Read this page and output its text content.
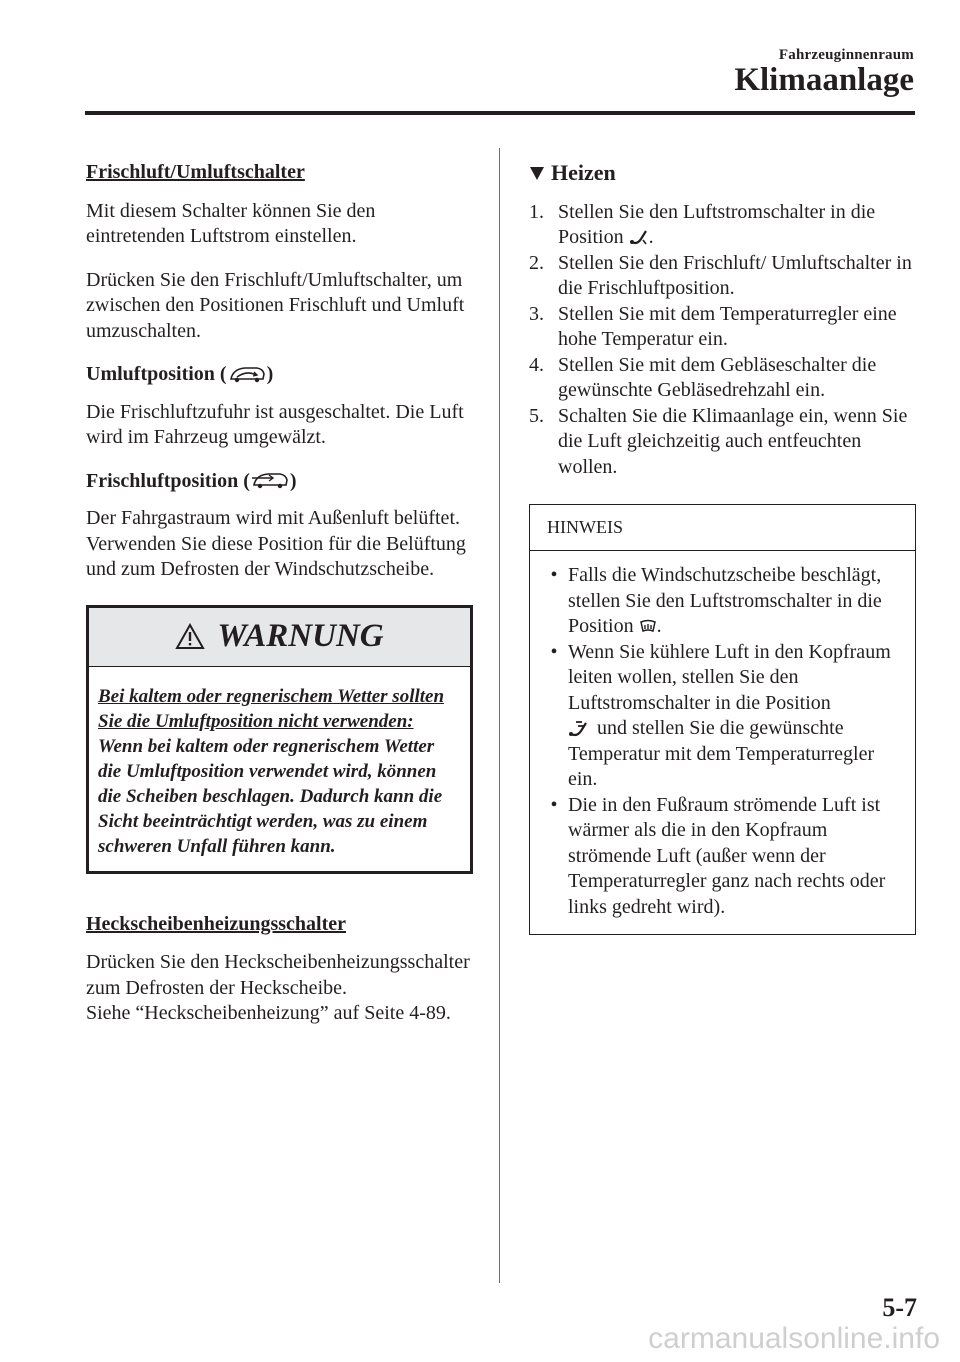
Fahrzeuginnenraum
Klimaanlage

Frischluft/Umluftschalter

Mit diesem Schalter können Sie den eintretenden Luftstrom einstellen.

Drücken Sie den Frischluft/Umluftschalter, um zwischen den Positionen Frischluft und Umluft umzuschalten.

Umluftposition ( )

Die Frischluftzufuhr ist ausgeschaltet. Die Luft wird im Fahrzeug umgewälzt.

Frischluftposition ( )

Der Fahrgastraum wird mit Außenluft belüftet. Verwenden Sie diese Position für die Belüftung und zum Defrosten der Windschutzscheibe.

WARNUNG

Bei kaltem oder regnerischem Wetter sollten Sie die Umluftposition nicht verwenden:

Wenn bei kaltem oder regnerischem Wetter die Umluftposition verwendet wird, können die Scheiben beschlagen. Dadurch kann die Sicht beeinträchtigt werden, was zu einem schweren Unfall führen kann.

Heckscheibenheizungsschalter

Drücken Sie den Heckscheibenheizungsschalter zum Defrosten der Heckscheibe.

Siehe “Heckscheibenheizung” auf Seite 4-89.

Heizen
1. Stellen Sie den Luftstromschalter in die Position .
2. Stellen Sie den Frischluft/ Umluftschalter in die Frischluftposition.
3. Stellen Sie mit dem Temperaturregler eine hohe Temperatur ein.
4. Stellen Sie mit dem Gebläseschalter die gewünschte Gebläsedrehzahl ein.
5. Schalten Sie die Klimaanlage ein, wenn Sie die Luft gleichzeitig auch entfeuchten wollen.
HINWEIS
• Falls die Windschutzscheibe beschlägt, stellen Sie den Luftstromschalter in die Position .
• Wenn Sie kühlere Luft in den Kopfraum leiten wollen, stellen Sie den Luftstromschalter in die Position
und stellen Sie die gewünschte Temperatur mit dem Temperaturregler ein.
• Die in den Fußraum strömende Luft ist wärmer als die in den Kopfraum strömende Luft (außer wenn der Temperaturregler ganz nach rechts oder links gedreht wird).
5-7
carmanualsonline.info
